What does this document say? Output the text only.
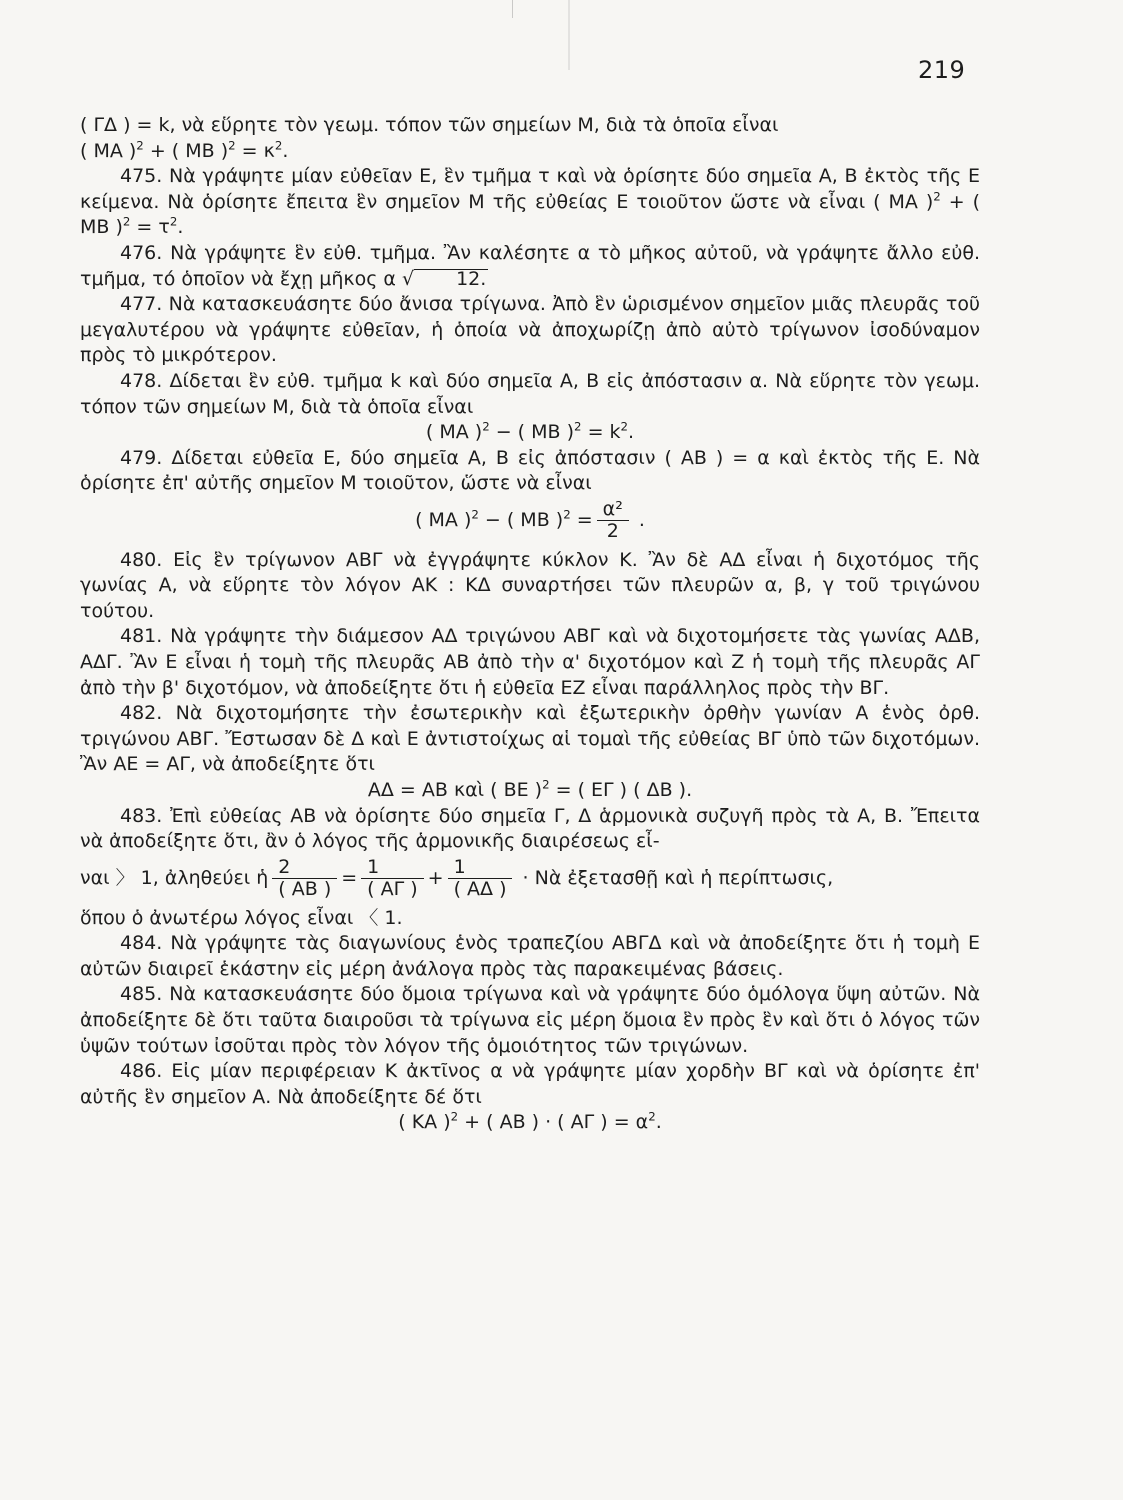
219

( ΓΔ ) = k, νὰ εὕρητε τὸν γεωμ. τόπον τῶν σημείων Μ, διὰ τὰ ὁποῖα εἶναι

( ΜΑ )$^2$ + ( ΜΒ )$^2 = \kappa^2$.

475. Νὰ γράψητε μίαν εὐθεῖαν Ε, ἓν τμῆμα τ καὶ νὰ ὁρίσητε δύο σημεῖα Α, Β ἐκτὸς τῆς Ε κείμενα. Νὰ ὁρίσητε ἔπειτα ἓν σημεῖον Μ τῆς εὐθείας Ε τοιοῦτον ὥστε νὰ εἶναι ( ΜΑ )$^2$ + ( ΜΒ )$^2 = \tau^2$.

476. Νὰ γράψητε ἓν εὐθ. τμῆμα. Ἂν καλέσητε α τὸ μῆκος αὐτοῦ, νὰ γράψητε ἄλλο εὐθ. τμῆμα, τό ὁποῖον νὰ ἔχῃ μῆκος α √ 12.

477. Νὰ κατασκευάσητε δύο ἄνισα τρίγωνα. Ἀπὸ ἓν ὡρισμένον σημεῖον μιᾶς πλευρᾶς τοῦ μεγαλυτέρου νὰ γράψητε εὐθεῖαν, ἡ ὁποία νὰ ἀποχωρίζῃ ἀπὸ αὐτὸ τρίγωνον ἰσοδύναμον πρὸς τὸ μικρότερον.

478. Δίδεται ἓν εὐθ. τμῆμα k καὶ δύο σημεῖα Α, Β εἰς ἀπόστασιν α. Νὰ εὕρητε τὸν γεωμ. τόπον τῶν σημείων Μ, διὰ τὰ ὁποῖα εἶναι

( ΜΑ )$^2$ − ( ΜΒ )$^2 = k^2$.

479. Δίδεται εὐθεῖα Ε, δύο σημεῖα Α, Β εἰς ἀπόστασιν ( ΑΒ ) = α καὶ ἐκτὸς τῆς Ε. Νὰ ὁρίσητε ἐπ' αὐτῆς σημεῖον Μ τοιοῦτον, ὥστε νὰ εἶναι

( ΜΑ )$^2$ − ( ΜΒ )$^2 = \frac{\text{α²}}{2}$ .

480. Εἰς ἓν τρίγωνον ΑΒΓ νὰ ἐγγράψητε κύκλον Κ. Ἂν δὲ ΑΔ εἶναι ἡ διχοτόμος τῆς γωνίας Α, νὰ εὕρητε τὸν λόγον ΑΚ : ΚΔ συναρτήσει τῶν πλευρῶν α, β, γ τοῦ τριγώνου τούτου.

481. Νὰ γράψητε τὴν διάμεσον ΑΔ τριγώνου ΑΒΓ καὶ νὰ διχοτομήσετε τὰς γωνίας ΑΔΒ, ΑΔΓ. Ἂν Ε εἶναι ἡ τομὴ τῆς πλευρᾶς ΑΒ ἀπὸ τὴν α' διχοτόμον καὶ Ζ ἡ τομὴ τῆς πλευρᾶς ΑΓ ἀπὸ τὴν β' διχοτόμον, νὰ ἀποδείξητε ὅτι ἡ εὐθεῖα ΕΖ εἶναι παράλληλος πρὸς τὴν ΒΓ.

482. Νὰ διχοτομήσητε τὴν ἐσωτερικὴν καὶ ἐξωτερικὴν ὀρθὴν γωνίαν Α ἑνὸς ὀρθ. τριγώνου ΑΒΓ. Ἔστωσαν δὲ Δ καὶ Ε ἀντιστοίχως αἱ τομαὶ τῆς εὐθείας ΒΓ ὑπὸ τῶν διχοτόμων. Ἂν ΑΕ = ΑΓ, νὰ ἀποδείξητε ὅτι

ΑΔ = ΑΒ καὶ ( ΒΕ )$^2$ = ( ΕΓ ) ( ΔΒ ).

483. Ἐπὶ εὐθείας ΑΒ νὰ ὁρίσητε δύο σημεῖα Γ, Δ ἁρμονικὰ συζυγῆ πρὸς τὰ Α, Β. Ἔπειτα νὰ ἀποδείξητε ὅτι, ἂν ὁ λόγος τῆς ἁρμονικῆς διαιρέσεως εἶ-

ναι 〉 1, ἀληθεύει ἡ $\frac{2}{( AB )} = \frac{1}{( A\Gamma )} + \frac{1}{( A\Delta )}$ · Νὰ ἐξετασθῇ καὶ ἡ περίπτωσις,

ὅπου ὁ ἀνωτέρω λόγος εἶναι 〈 1.

484. Νὰ γράψητε τὰς διαγωνίους ἑνὸς τραπεζίου ΑΒΓΔ καὶ νὰ ἀποδείξητε ὅτι ἡ τομὴ Ε αὐτῶν διαιρεῖ ἑκάστην εἰς μέρη ἀνάλογα πρὸς τὰς παρακειμένας βάσεις.

485. Νὰ κατασκευάσητε δύο ὅμοια τρίγωνα καὶ νὰ γράψητε δύο ὁμόλογα ὕψη αὐτῶν. Νὰ ἀποδείξητε δὲ ὅτι ταῦτα διαιροῦσι τὰ τρίγωνα εἰς μέρη ὅμοια ἓν πρὸς ἓν καὶ ὅτι ὁ λόγος τῶν ὑψῶν τούτων ἰσοῦται πρὸς τὸν λόγον τῆς ὁμοιότητος τῶν τριγώνων.

486. Εἰς μίαν περιφέρειαν Κ ἀκτῖνος α νὰ γράψητε μίαν χορδὴν ΒΓ καὶ νὰ ὁρίσητε ἐπ' αὐτῆς ἓν σημεῖον Α. Νὰ ἀποδείξητε δέ ὅτι

( ΚΑ )$^2$ + ( ΑΒ ) · ( ΑΓ ) = $\alpha^2$.
